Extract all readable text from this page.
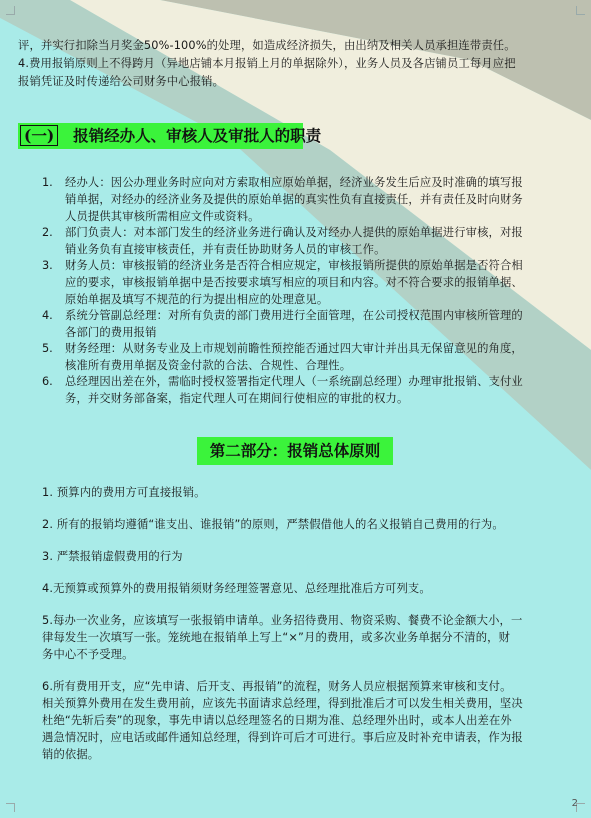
评，并实行扣除当月奖金50%-100%的处理，如造成经济损失，由出纳及相关人员承担连带责任。
4.费用报销原则上不得跨月（异地店铺本月报销上月的单据除外），业务人员及各店铺员工每月应把
报销凭证及时传递给公司财务中心报销。
(一) 报销经办人、审核人及审批人的职责
1. 经办人：因公办理业务时应向对方索取相应原始单据，经济业务发生后应及时准确的填写报
销单据，对经办的经济业务及提供的原始单据的真实性负有直接责任，并有责任及时向财务
人员提供其审核所需相应文件或资料。
2. 部门负责人：对本部门发生的经济业务进行确认及对经办人提供的原始单据进行审核，对报
销业务负有直接审核责任，并有责任协助财务人员的审核工作。
3. 财务人员：审核报销的经济业务是否符合相应规定，审核报销所提供的原始单据是否符合相
应的要求，审核报销单据中是否按要求填写相应的项目和内容。对不符合要求的报销单据、
原始单据及填写不规范的行为提出相应的处理意见。
4. 系统分管副总经理：对所有负责的部门费用进行全面管理，在公司授权范围内审核所管理的
各部门的费用报销
5. 财务经理：从财务专业及上市规划前瞻性预控能否通过四大审计并出具无保留意见的角度，
核准所有费用单据及资金付款的合法、合规性、合理性。
6. 总经理因出差在外，需临时授权签署指定代理人（一系统副总经理）办理审批报销、支付业
务，并交财务部备案，指定代理人可在期间行使相应的审批的权力。
第二部分：报销总体原则
1. 预算内的费用方可直接报销。
2. 所有的报销均遵循“谁支出、谁报销”的原则，严禁假借他人的名义报销自己费用的行为。
3. 严禁报销虚假费用的行为
4.无预算或预算外的费用报销须财务经理签署意见、总经理批准后方可列支。
5.每办一次业务，应该填写一张报销申请单。业务招待费用、物资采购、餐费不论金额大小，一
律每发生一次填写一张。笼统地在报销单上写上“×”月的费用，或多次业务单据分不清的，财
务中心不予受理。
6.所有费用开支，应“先申请、后开支、再报销”的流程，财务人员应根据预算来审核和支付。
相关预算外费用在发生费用前，应该先书面请求总经理，得到批准后才可以发生相关费用，坚决
杜绝“先斩后奏”的现象，事先申请以总经理签名的日期为准、总经理外出时，或本人出差在外
遇急情况时，应电话或邮件通知总经理，得到许可后才可进行。事后应及时补充申请表，作为报
销的依据。
2
